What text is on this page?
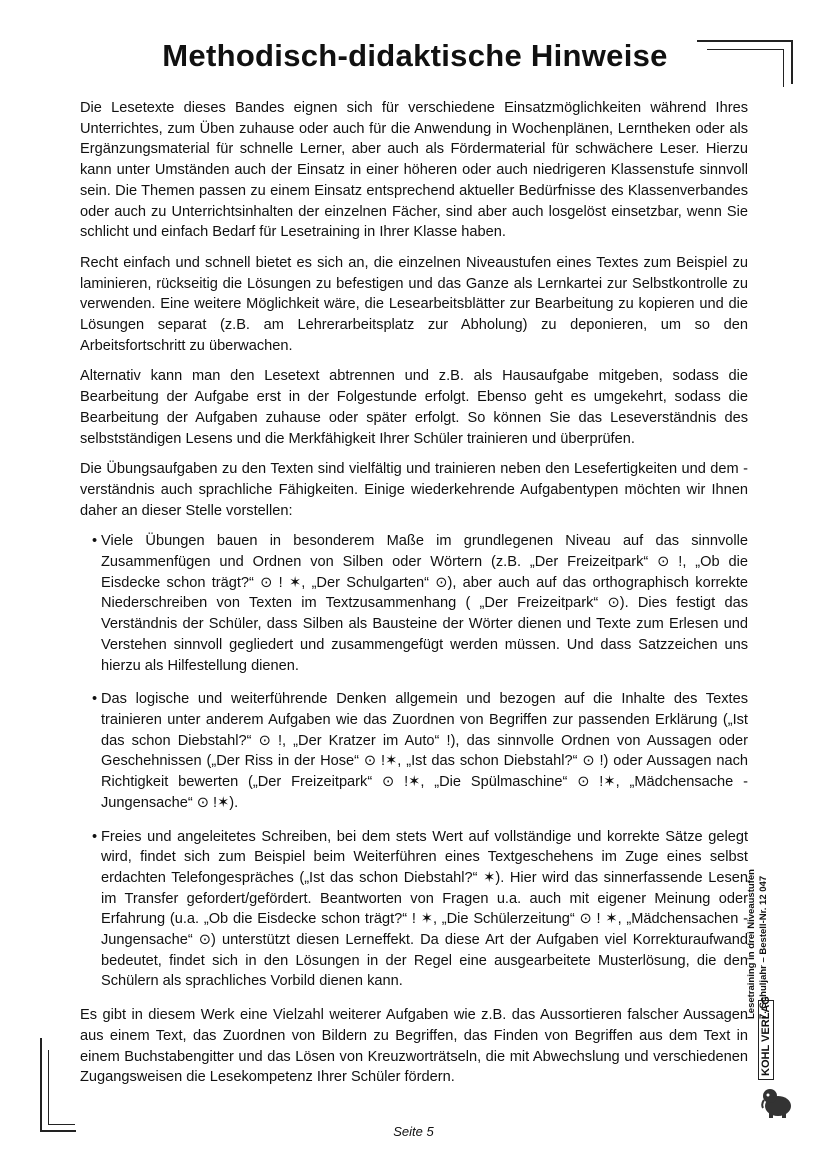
Methodisch-didaktische Hinweise

Die Lesetexte dieses Bandes eignen sich für verschiedene Einsatzmöglichkeiten während Ihres Unterrichtes, zum Üben zuhause oder auch für die Anwendung in Wochenplänen, Lerntheken oder als Ergänzungsmaterial für schnelle Lerner, aber auch als Fördermaterial für schwächere Leser. Hierzu kann unter Umständen auch der Einsatz in einer höheren oder auch niedrigeren Klassenstufe sinnvoll sein. Die Themen passen zu einem Einsatz entsprechend aktueller Bedürfnisse des Klassenverbandes oder auch zu Unterrichtsinhalten der einzelnen Fächer, sind aber auch losgelöst einsetzbar, wenn Sie schlicht und einfach Bedarf für Lesetraining in Ihrer Klasse haben.

Recht einfach und schnell bietet es sich an, die einzelnen Niveaustufen eines Textes zum Beispiel zu laminieren, rückseitig die Lösungen zu befestigen und das Ganze als Lernkartei zur Selbstkontrolle zu verwenden. Eine weitere Möglichkeit wäre, die Lesearbeitsblätter zur Bearbeitung zu kopieren und die Lösungen separat (z.B. am Lehrerarbeitsplatz zur Abholung) zu deponieren, um so den Arbeitsfortschritt zu überwachen.

Alternativ kann man den Lesetext abtrennen und z.B. als Hausaufgabe mitgeben, sodass die Bearbeitung der Aufgabe erst in der Folgestunde erfolgt. Ebenso geht es umgekehrt, sodass die Bearbeitung der Aufgaben zuhause oder später erfolgt. So können Sie das Leseverständnis des selbstständigen Lesens und die Merkfähigkeit Ihrer Schüler trainieren und überprüfen.

Die Übungsaufgaben zu den Texten sind vielfältig und trainieren neben den Lesefertigkeiten und dem -verständnis auch sprachliche Fähigkeiten. Einige wiederkehrende Aufgabentypen möchten wir Ihnen daher an dieser Stelle vorstellen:

• Viele Übungen bauen in besonderem Maße im grundlegenen Niveau auf das sinnvolle Zusammenfügen und Ordnen von Silben oder Wörtern (z.B. „Der Freizeitpark“ ⊙ !, „Ob die Eisdecke schon trägt?“ ⊙ ! ✶, „Der Schulgarten“ ⊙), aber auch auf das orthographisch korrekte Niederschreiben von Texten im Textzusammenhang ( „Der Freizeitpark“ ⊙). Dies festigt das Verständnis der Schüler, dass Silben als Bausteine der Wörter dienen und Texte zum Erlesen und Verstehen sinnvoll gegliedert und zusammengefügt werden müssen. Und dass Satzzeichen uns hierzu als Hilfestellung dienen.
• Das logische und weiterführende Denken allgemein und bezogen auf die Inhalte des Textes trainieren unter anderem Aufgaben wie das Zuordnen von Begriffen zur passenden Erklärung („Ist das schon Diebstahl?“ ⊙ !, „Der Kratzer im Auto“ !), das sinnvolle Ordnen von Aussagen oder Geschehnissen („Der Riss in der Hose“ ⊙ !✶, „Ist das schon Diebstahl?“ ⊙ !) oder Aussagen nach Richtigkeit bewerten („Der Freizeitpark“ ⊙ !✶, „Die Spülmaschine“ ⊙ !✶, „Mädchensache - Jungensache“ ⊙ !✶).
• Freies und angeleitetes Schreiben, bei dem stets Wert auf vollständige und korrekte Sätze gelegt wird, findet sich zum Beispiel beim Weiterführen eines Textgeschehens im Zuge eines selbst erdachten Telefongespräches („Ist das schon Diebstahl?“ ✶). Hier wird das sinnerfassende Lesen im Transfer gefordert/gefördert. Beantworten von Fragen u.a. auch mit eigener Meinung oder Erfahrung (u.a. „Ob die Eisdecke schon trägt?“ ! ✶, „Die Schülerzeitung“ ⊙ ! ✶, „Mädchensachen - Jungensache“ ⊙) unterstützt diesen Lerneffekt. Da diese Art der Aufgaben viel Korrekturaufwand bedeutet, findet sich in den Lösungen in der Regel eine ausgearbeitete Musterlösung, die den Schülern als sprachliches Vorbild dienen kann.

Es gibt in diesem Werk eine Vielzahl weiterer Aufgaben wie z.B. das Aussortieren falscher Aussagen aus einem Text, das Zuordnen von Bildern zu Begriffen, das Finden von Begriffen aus dem Text in einem Buchstabengitter und das Lösen von Kreuzworträtseln, die mit Abwechslung und verschiedenen Zugangsweisen die Lesekompetenz Ihrer Schüler fördern.

Lesetraining in drei Niveaustufen 7. Schuljahr – Bestell-Nr. 12 047
KOHL VERLAG
Seite 5
